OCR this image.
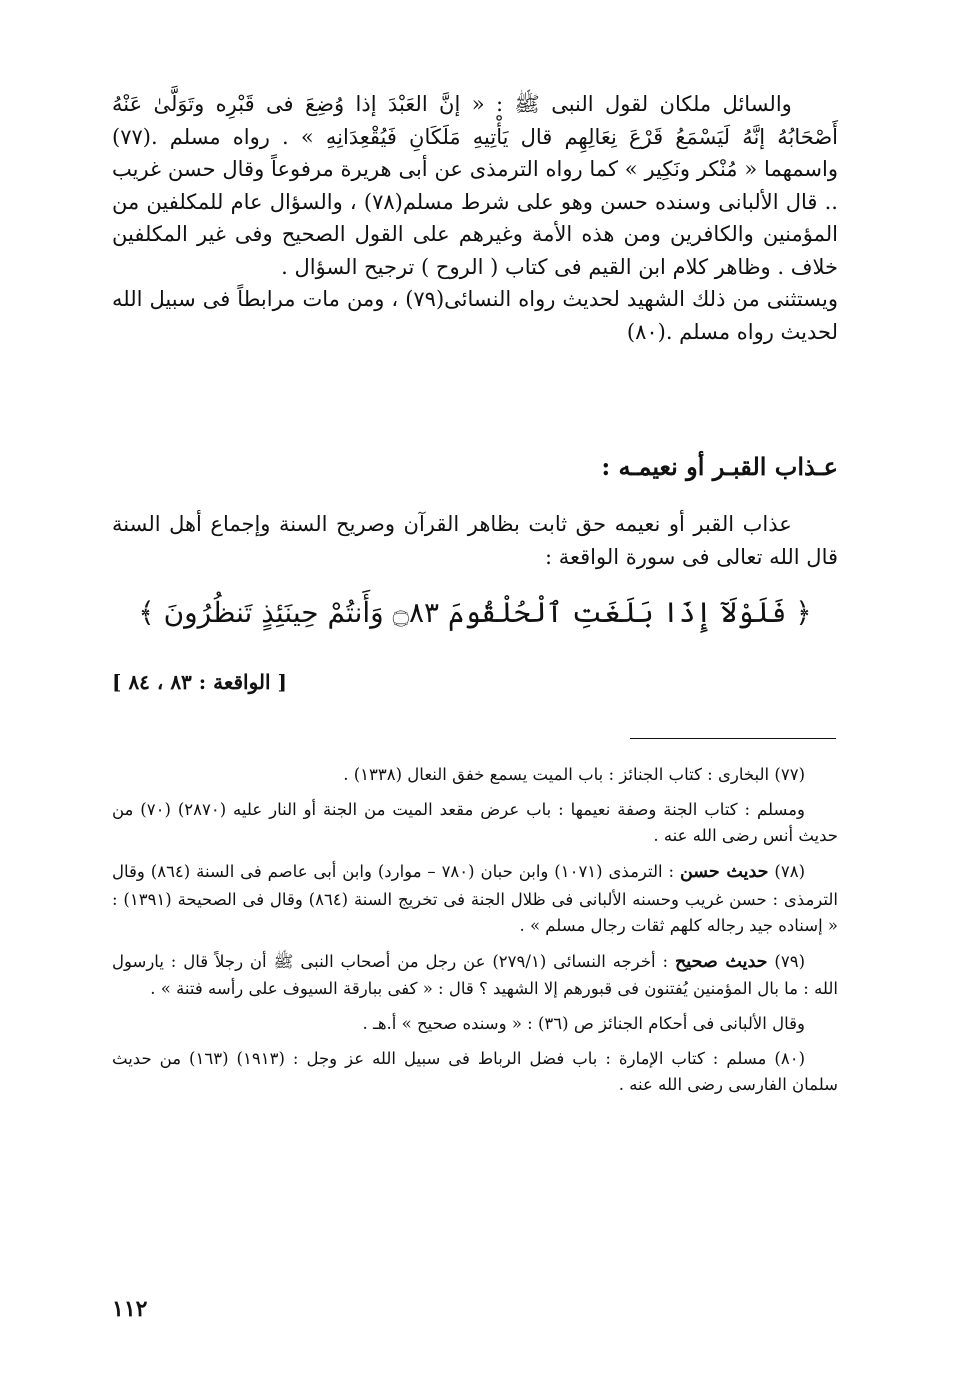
والسائل ملكان لقول النبى ﷺ : « إنَّ العَبْدَ إذا وُضِعَ فى قَبْرِه وتَوَلَّىٰ عَنْهُ أَصْحَابُهُ إنَّهُ لَيَسْمَعُ قَرْعَ نِعَالِهِم قال يَأْتِيهِ مَلَكَانِ فَيُقْعِدَانِهِ » . رواه مسلم .(٧٧) واسمهما « مُنْكر ونَكِير » كما رواه الترمذى عن أبى هريرة مرفوعاً وقال حسن غريب .. قال الألبانى وسنده حسن وهو على شرط مسلم(٧٨) ، والسؤال عام للمكلفين من المؤمنين والكافرين ومن هذه الأمة وغيرهم على القول الصحيح وفى غير المكلفين خلاف . وظاهر كلام ابن القيم فى كتاب ( الروح ) ترجيح السؤال .

ويستثنى من ذلك الشهيد لحديث رواه النسائى(٧٩) ، ومن مات مرابطاً فى سبيل الله لحديث رواه مسلم .(٨٠)

عـذاب القبـر أو نعيمـه :

عذاب القبر أو نعيمه حق ثابت بظاهر القرآن وصريح السنة وإجماع أهل السنة قال الله تعالى فى سورة الواقعة :

﴿ فَلَوْلَآ إِذَا بَلَغَتِ ٱلْحُلْقُومَ ۝٨٣ وَأَنتُمْ حِينَئِذٍ تَنظُرُونَ ﴾
[ الواقعة : ٨٣ ، ٨٤ ]

(٧٧) البخارى : كتاب الجنائز : باب الميت يسمع خفق النعال (١٣٣٨) .

ومسلم : كتاب الجنة وصفة نعيمها : باب عرض مقعد الميت من الجنة أو النار عليه (٢٨٧٠) (٧٠) من حديث أنس رضى الله عنه .

(٧٨) حديث حسن : الترمذى (١٠٧١) وابن حبان (٧٨٠ – موارد) وابن أبى عاصم فى السنة (٨٦٤) وقال الترمذى : حسن غريب وحسنه الألبانى فى ظلال الجنة فى تخريج السنة (٨٦٤) وقال فى الصحيحة (١٣٩١) : « إسناده جيد رجاله كلهم ثقات رجال مسلم » .

(٧٩) حديث صحيح : أخرجه النسائى (٢٧٩/١) عن رجل من أصحاب النبى ﷺ أن رجلاً قال : يارسول الله : ما بال المؤمنين يُفتنون فى قبورهم إلا الشهيد ؟ قال : « كفى ببارقة السيوف على رأسه فتنة » .

وقال الألبانى فى أحكام الجنائز ص (٣٦) : « وسنده صحيح » أ.هـ .

(٨٠) مسلم : كتاب الإمارة : باب فضل الرباط فى سبيل الله عز وجل : (١٩١٣) (١٦٣) من حديث سلمان الفارسى رضى الله عنه .

١١٢
